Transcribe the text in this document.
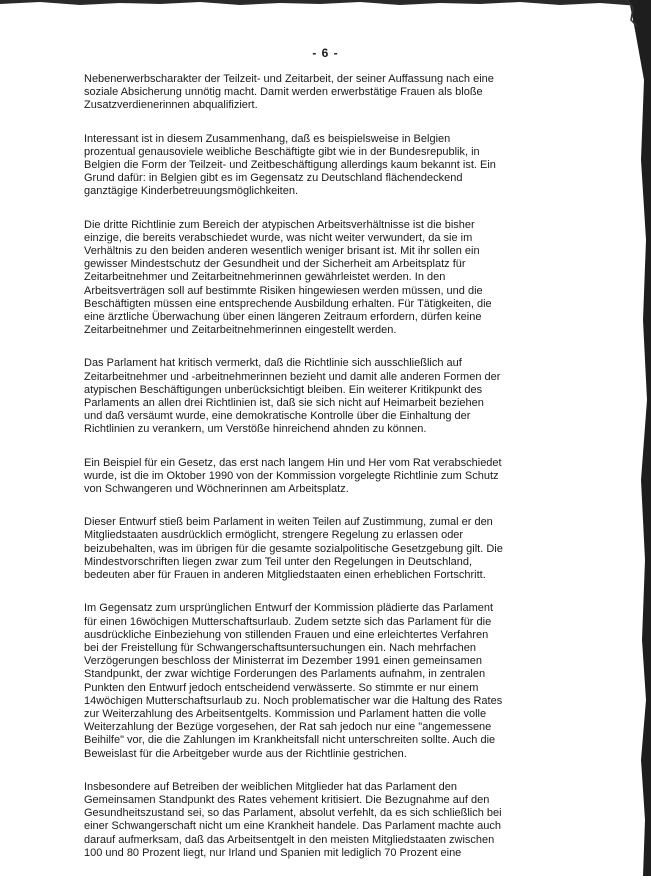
- 6 -

Nebenerwerbscharakter der Teilzeit- und Zeitarbeit, der seiner Auffassung nach eine
soziale Absicherung unnötig macht. Damit werden erwerbstätige Frauen als bloße
Zusatzverdienerinnen abqualifiziert.

Interessant ist in diesem Zusammenhang, daß es beispielsweise in Belgien
prozentual genausoviele weibliche Beschäftigte gibt wie in der Bundesrepublik, in
Belgien die Form der Teilzeit- und Zeitbeschäftigung allerdings kaum bekannt ist. Ein
Grund dafür: in Belgien gibt es im Gegensatz zu Deutschland flächendeckend
ganztägige Kinderbetreuungsmöglichkeiten.

Die dritte Richtlinie zum Bereich der atypischen Arbeitsverhältnisse ist die bisher
einzige, die bereits verabschiedet wurde, was nicht weiter verwundert, da sie im
Verhältnis zu den beiden anderen wesentlich weniger brisant ist. Mit ihr sollen ein
gewisser Mindestschutz der Gesundheit und der Sicherheit am Arbeitsplatz für
Zeitarbeitnehmer und Zeitarbeitnehmerinnen gewährleistet werden. In den
Arbeitsverträgen soll auf bestimmte Risiken hingewiesen werden müssen, und die
Beschäftigten müssen eine entsprechende Ausbildung erhalten. Für Tätigkeiten, die
eine ärztliche Überwachung über einen längeren Zeitraum erfordern, dürfen keine
Zeitarbeitnehmer und Zeitarbeitnehmerinnen eingestellt werden.

Das Parlament hat kritisch vermerkt, daß die Richtlinie sich ausschließlich auf
Zeitarbeitnehmer und -arbeitnehmerinnen bezieht und damit alle anderen Formen der
atypischen Beschäftigungen unberücksichtigt bleiben. Ein weiterer Kritikpunkt des
Parlaments an allen drei Richtlinien ist, daß sie sich nicht auf Heimarbeit beziehen
und daß versäumt wurde, eine demokratische Kontrolle über die Einhaltung der
Richtlinien zu verankern, um Verstöße hinreichend ahnden zu können.

Ein Beispiel für ein Gesetz, das erst nach langem Hin und Her vom Rat verabschiedet
wurde, ist die im Oktober 1990 von der Kommission vorgelegte Richtlinie zum Schutz
von Schwangeren und Wöchnerinnen am Arbeitsplatz.

Dieser Entwurf stieß beim Parlament in weiten Teilen auf Zustimmung, zumal er den
Mitgliedstaaten ausdrücklich ermöglicht, strengere Regelung zu erlassen oder
beizubehalten, was im übrigen für die gesamte sozialpolitische Gesetzgebung gilt. Die
Mindestvorschriften liegen zwar zum Teil unter den Regelungen in Deutschland,
bedeuten aber für Frauen in anderen Mitgliedstaaten einen erheblichen Fortschritt.

Im Gegensatz zum ursprünglichen Entwurf der Kommission plädierte das Parlament
für einen 16wöchigen Mutterschaftsurlaub. Zudem setzte sich das Parlament für die
ausdrückliche Einbeziehung von stillenden Frauen und eine erleichtertes Verfahren
bei der Freistellung für Schwangerschaftsuntersuchungen ein. Nach mehrfachen
Verzögerungen beschloss der Ministerrat im Dezember 1991 einen gemeinsamen
Standpunkt, der zwar wichtige Forderungen des Parlaments aufnahm, in zentralen
Punkten den Entwurf jedoch entscheidend verwässerte. So stimmte er nur einem
14wöchigen Mutterschaftsurlaub zu. Noch problematischer war die Haltung des Rates
zur Weiterzahlung des Arbeitsentgelts. Kommission und Parlament hatten die volle
Weiterzahlung der Bezüge vorgesehen, der Rat sah jedoch nur eine "angemessene
Beihilfe" vor, die die Zahlungen im Krankheitsfall nicht unterschreiten sollte. Auch die
Beweislast für die Arbeitgeber wurde aus der Richtlinie gestrichen.

Insbesondere auf Betreiben der weiblichen Mitglieder hat das Parlament den
Gemeinsamen Standpunkt des Rates vehement kritisiert. Die Bezugnahme auf den
Gesundheitszustand sei, so das Parlament, absolut verfehlt, da es sich schließlich bei
einer Schwangerschaft nicht um eine Krankheit handele. Das Parlament machte auch
darauf aufmerksam, daß das Arbeitsentgelt in den meisten Mitgliedstaaten zwischen
100 und 80 Prozent liegt, nur Irland und Spanien mit lediglich 70 Prozent eine
